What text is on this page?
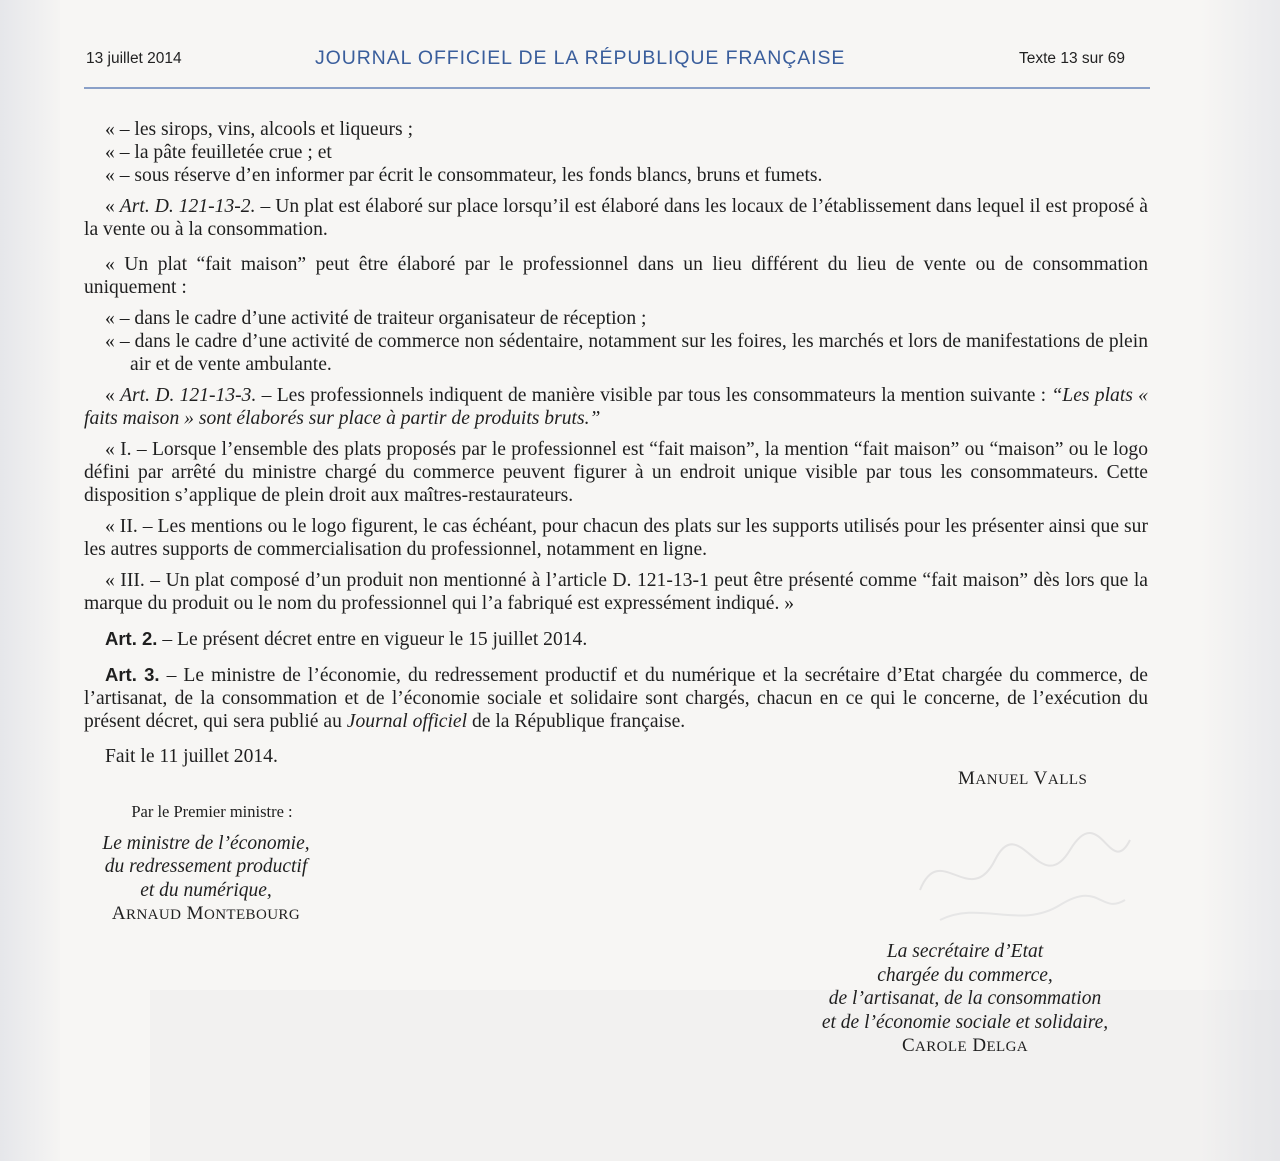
13 juillet 2014	JOURNAL OFFICIEL DE LA RÉPUBLIQUE FRANÇAISE	Texte 13 sur 69

« – les sirops, vins, alcools et liqueurs ;

« – la pâte feuilletée crue ; et

« – sous réserve d’en informer par écrit le consommateur, les fonds blancs, bruns et fumets.

« Art. D. 121-13-2. – Un plat est élaboré sur place lorsqu’il est élaboré dans les locaux de l’établissement dans lequel il est proposé à la vente ou à la consommation.

« Un plat “fait maison” peut être élaboré par le professionnel dans un lieu différent du lieu de vente ou de consommation uniquement :

« – dans le cadre d’une activité de traiteur organisateur de réception ;

« – dans le cadre d’une activité de commerce non sédentaire, notamment sur les foires, les marchés et lors de manifestations de plein air et de vente ambulante.

« Art. D. 121-13-3. – Les professionnels indiquent de manière visible par tous les consommateurs la mention suivante : “Les plats « faits maison » sont élaborés sur place à partir de produits bruts.”

« I. – Lorsque l’ensemble des plats proposés par le professionnel est “fait maison”, la mention “fait maison” ou “maison” ou le logo défini par arrêté du ministre chargé du commerce peuvent figurer à un endroit unique visible par tous les consommateurs. Cette disposition s’applique de plein droit aux maîtres-restaurateurs.

« II. – Les mentions ou le logo figurent, le cas échéant, pour chacun des plats sur les supports utilisés pour les présenter ainsi que sur les autres supports de commercialisation du professionnel, notamment en ligne.

« III. – Un plat composé d’un produit non mentionné à l’article D. 121-13-1 peut être présenté comme “fait maison” dès lors que la marque du produit ou le nom du professionnel qui l’a fabriqué est expressément indiqué. »

Art. 2. – Le présent décret entre en vigueur le 15 juillet 2014.

Art. 3. – Le ministre de l’économie, du redressement productif et du numérique et la secrétaire d’Etat chargée du commerce, de l’artisanat, de la consommation et de l’économie sociale et solidaire sont chargés, chacun en ce qui le concerne, de l’exécution du présent décret, qui sera publié au Journal officiel de la République française.

Fait le 11 juillet 2014.

MANUEL VALLS
Par le Premier ministre :
Le ministre de l’économie,
du redressement productif
et du numérique,
ARNAUD MONTEBOURG
La secrétaire d’Etat
chargée du commerce,
de l’artisanat, de la consommation
et de l’économie sociale et solidaire,
CAROLE DELGA
